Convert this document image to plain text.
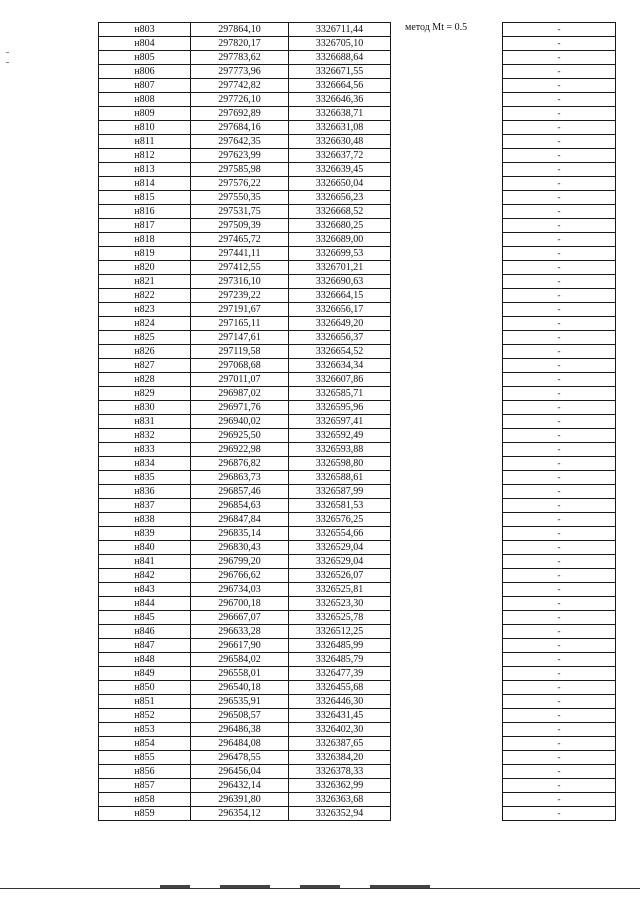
н803	297864,10	3326711,44	метод Mt = 0.5	-
н804	297820,17	3326705,10		-
н805	297783,62	3326688,64		-
н806	297773,96	3326671,55		-
н807	297742,82	3326664,56		-
н808	297726,10	3326646,36		-
н809	297692,89	3326638,71		-
н810	297684,16	3326631,08		-
н811	297642,35	3326630,48		-
н812	297623,99	3326637,72		-
н813	297585,98	3326639,45		-
н814	297576,22	3326650,04		-
н815	297550,35	3326656,23		-
н816	297531,75	3326668,52		-
н817	297509,39	3326680,25		-
н818	297465,72	3326689,00		-
н819	297441,11	3326699,53		-
н820	297412,55	3326701,21		-
н821	297316,10	3326690,63		-
н822	297239,22	3326664,15		-
н823	297191,67	3326656,17		-
н824	297165,11	3326649,20		-
н825	297147,61	3326656,37		-
н826	297119,58	3326654,52		-
н827	297068,68	3326634,34		-
н828	297011,07	3326607,86		-
н829	296987,02	3326585,71		-
н830	296971,76	3326595,96		-
н831	296940,02	3326597,41		-
н832	296925,50	3326592,49		-
н833	296922,98	3326593,88		-
н834	296876,82	3326598,80		-
н835	296863,73	3326588,61		-
н836	296857,46	3326587,99		-
н837	296854,63	3326581,53		-
н838	296847,84	3326576,25		-
н839	296835,14	3326554,66		-
н840	296830,43	3326529,04		-
н841	296799,20	3326529,04		-
н842	296766,62	3326526,07		-
н843	296734,03	3326525,81		-
н844	296700,18	3326523,30		-
н845	296667,07	3326525,78		-
н846	296633,28	3326512,25		-
н847	296617,90	3326485,99		-
н848	296584,02	3326485,79		-
н849	296558,01	3326477,39		-
н850	296540,18	3326455,68		-
н851	296535,91	3326446,30		-
н852	296508,57	3326431,45		-
н853	296486,38	3326402,30		-
н854	296484,08	3326387,65		-
н855	296478,55	3326384,20		-
н856	296456,04	3326378,33		-
н857	296432,14	3326362,99		-
н858	296391,80	3326363,68		-
н859	296354,12	3326352,94		-
